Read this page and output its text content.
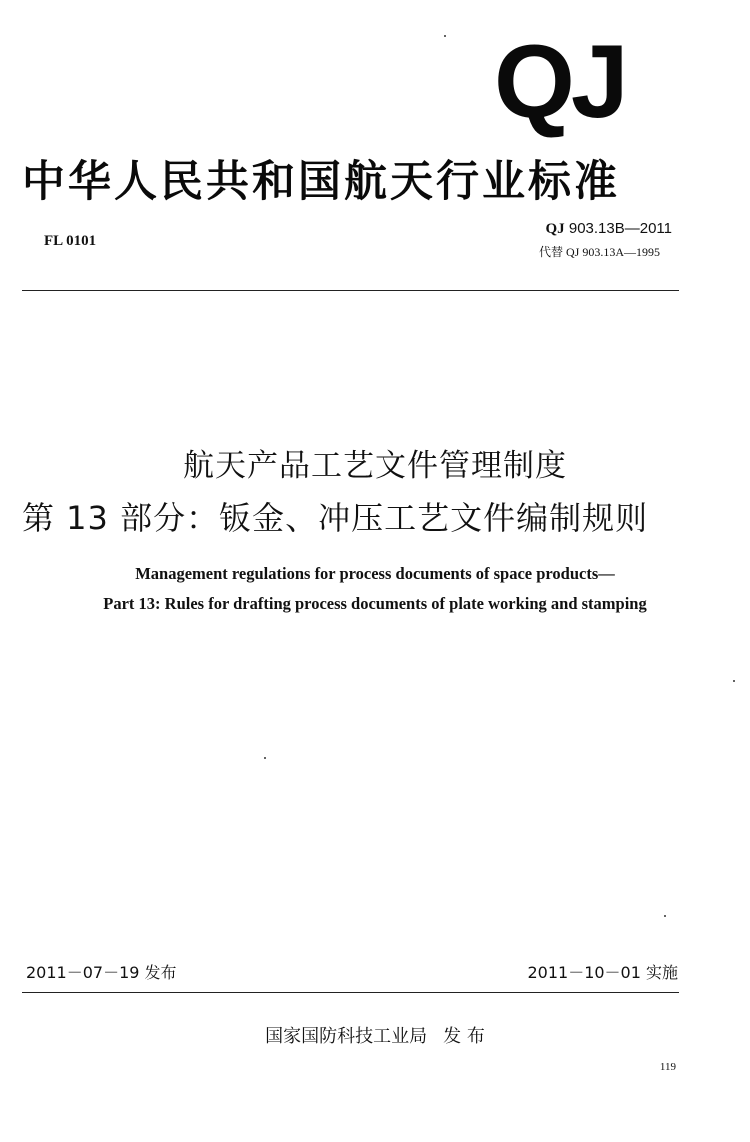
QJ
中华人民共和国航天行业标准
FL 0101
QJ 903.13B—2011
代替 QJ 903.13A—1995
航天产品工艺文件管理制度
第 13 部分：钣金、冲压工艺文件编制规则
Management regulations for process documents of space products—
Part 13: Rules for drafting process documents of plate working and stamping
2011－07－19 发布	2011－10－01 实施
国家国防科技工业局 发 布
119
